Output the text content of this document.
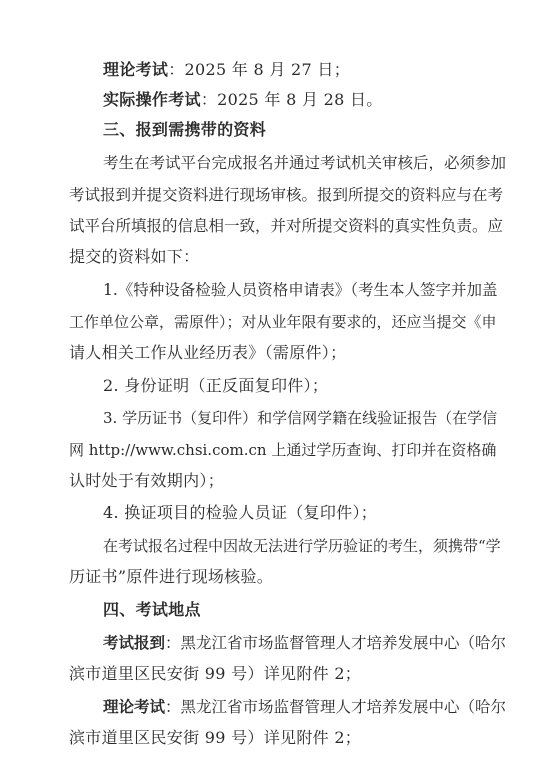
理论考试：2025 年 8 月 27 日；
实际操作考试：2025 年 8 月 28 日。
三、报到需携带的资料
考生在考试平台完成报名并通过考试机关审核后，必须参加
考试报到并提交资料进行现场审核。报到所提交的资料应与在考
试平台所填报的信息相一致，并对所提交资料的真实性负责。应
提交的资料如下：
1.《特种设备检验人员资格申请表》（考生本人签字并加盖
工作单位公章，需原件）；对从业年限有要求的，还应当提交《申
请人相关工作从业经历表》（需原件）；
2. 身份证明（正反面复印件）；
3. 学历证书（复印件）和学信网学籍在线验证报告（在学信
网 http://www.chsi.com.cn 上通过学历查询、打印并在资格确
认时处于有效期内）；
4. 换证项目的检验人员证（复印件）；
在考试报名过程中因故无法进行学历验证的考生，须携带“学
历证书”原件进行现场核验。
四、考试地点
考试报到：黑龙江省市场监督管理人才培养发展中心（哈尔
滨市道里区民安街 99 号）详见附件 2；
理论考试：黑龙江省市场监督管理人才培养发展中心（哈尔
滨市道里区民安街 99 号）详见附件 2；
